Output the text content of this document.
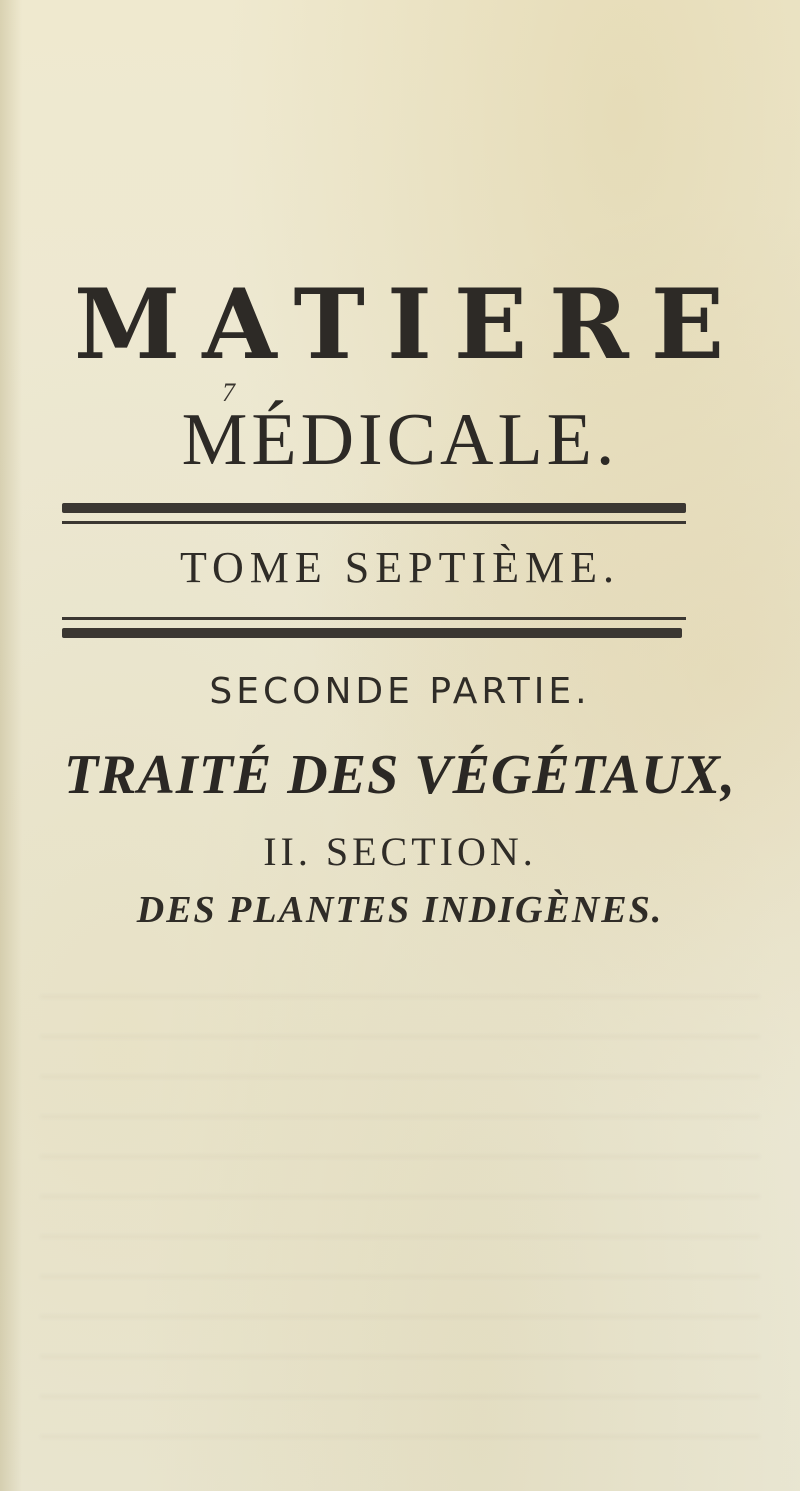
MATIERE
7
MÉDICALE.
TOME SEPTIÈME.
SECONDE PARTIE.
TRAITÉ DES VÉGÉTAUX,
II. SECTION.
DES PLANTES INDIGÈNES.
